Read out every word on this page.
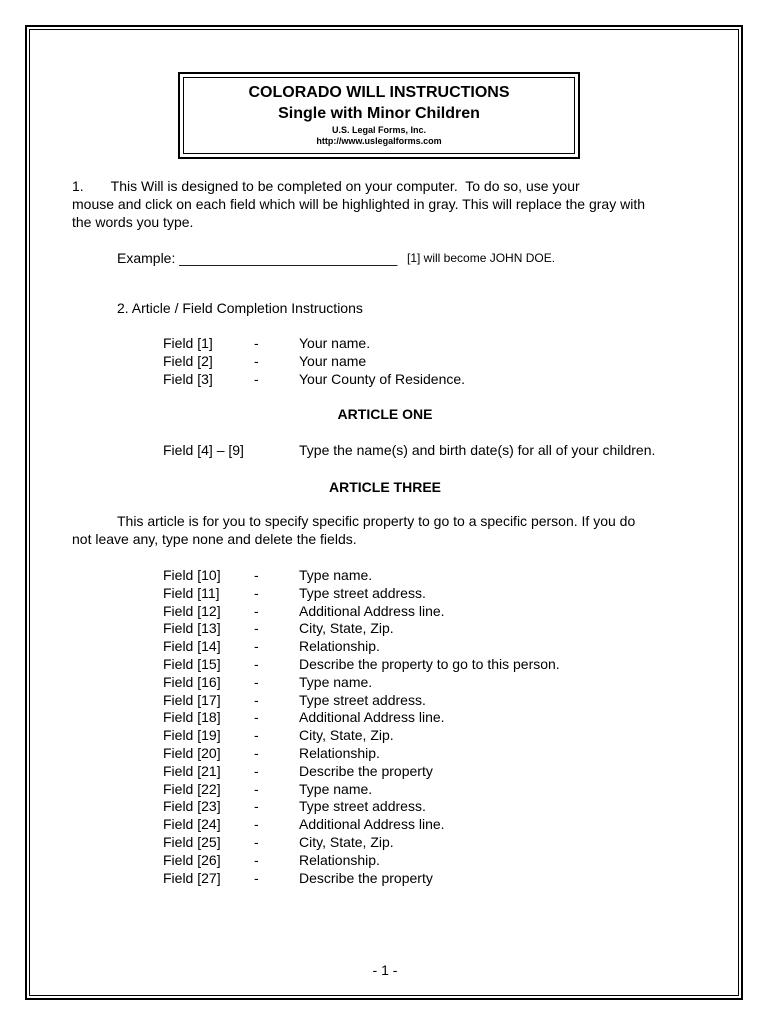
COLORADO WILL INSTRUCTIONS
Single with Minor Children
U.S. Legal Forms, Inc.
http://www.uslegalforms.com
1.       This Will is designed to be completed on your computer.  To do so, use your
mouse and click on each field which will be highlighted in gray. This will replace the gray with
the words you type.
Example: ____________________________ [1] will become JOHN DOE.
2. Article / Field Completion Instructions
Field [1]	-	Your name.
Field [2]	-	Your name
Field [3]	-	Your County of Residence.
ARTICLE ONE
Field [4] – [9]	Type the name(s) and birth date(s) for all of your children.
ARTICLE THREE
This article is for you to specify specific property to go to a specific person. If you do
not leave any, type none and delete the fields.
Field [10] -	Type name.
Field [11] -	Type street address.
Field [12] -	Additional Address line.
Field [13] -	City, State, Zip.
Field [14] -	Relationship.
Field [15] -	Describe the property to go to this person.
Field [16] -	Type name.
Field [17] -	Type street address.
Field [18] -	Additional Address line.
Field [19] -	City, State, Zip.
Field [20] -	Relationship.
Field [21] -	Describe the property
Field [22] -	Type name.
Field [23] -	Type street address.
Field [24] -	Additional Address line.
Field [25] -	City, State, Zip.
Field [26] -	Relationship.
Field [27] -	Describe the property
- 1 -
